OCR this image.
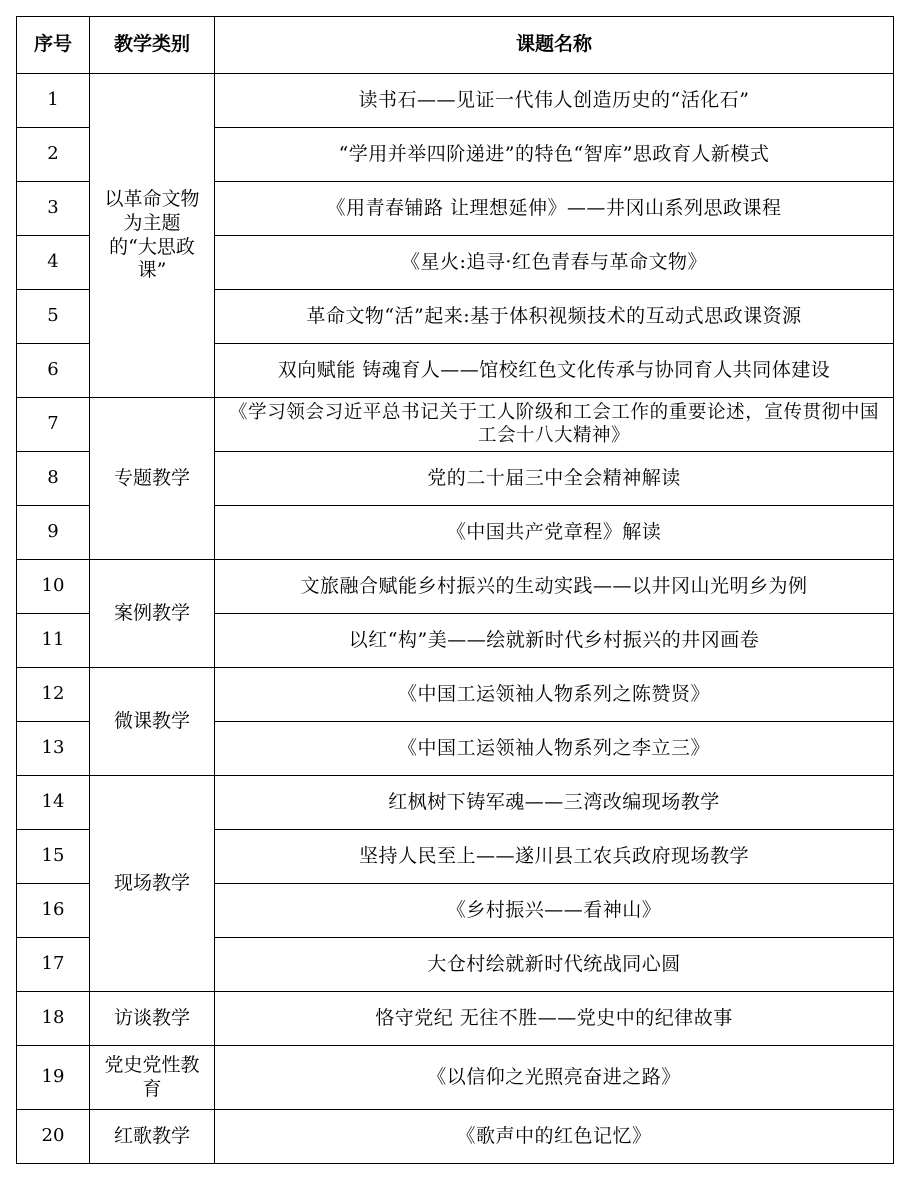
序号	教学类别	课题名称
1	以革命文物为主题的“大思政课”	读书石——见证一代伟人创造历史的“活化石”
2		“学用并举四阶递进”的特色“智库”思政育人新模式
3		《用青春铺路 让理想延伸》——井冈山系列思政课程
4		《星火:追寻·红色青春与革命文物》
5		革命文物“活”起来:基于体积视频技术的互动式思政课资源
6		双向赋能 铸魂育人——馆校红色文化传承与协同育人共同体建设
7	专题教学	《学习领会习近平总书记关于工人阶级和工会工作的重要论述，宣传贯彻中国工会十八大精神》
8		党的二十届三中全会精神解读
9		《中国共产党章程》解读
10	案例教学	文旅融合赋能乡村振兴的生动实践——以井冈山光明乡为例
11		以红“构”美——绘就新时代乡村振兴的井冈画卷
12	微课教学	《中国工运领袖人物系列之陈赞贤》
13		《中国工运领袖人物系列之李立三》
14	现场教学	红枫树下铸军魂——三湾改编现场教学
15		坚持人民至上——遂川县工农兵政府现场教学
16		《乡村振兴——看神山》
17		大仓村绘就新时代统战同心圆
18	访谈教学	恪守党纪 无往不胜——党史中的纪律故事
19	党史党性教育	《以信仰之光照亮奋进之路》
20	红歌教学	《歌声中的红色记忆》
